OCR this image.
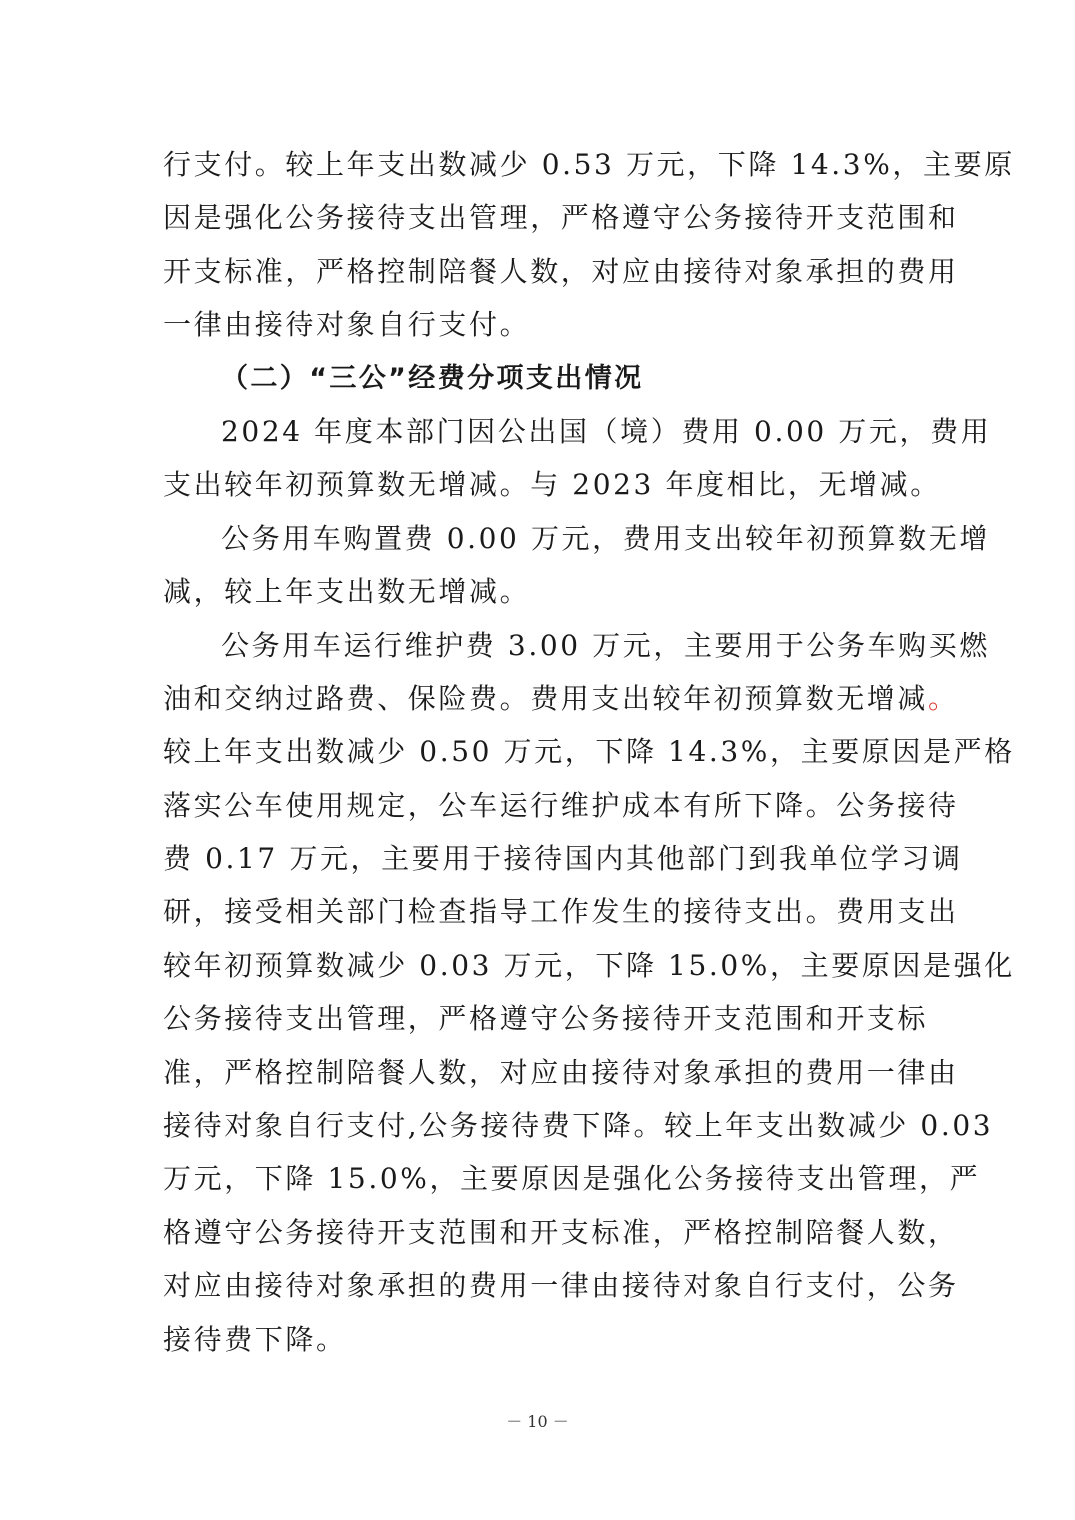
行支付。较上年支出数减少 0.53 万元，下降 14.3%，主要原
因是强化公务接待支出管理，严格遵守公务接待开支范围和
开支标准，严格控制陪餐人数，对应由接待对象承担的费用
一律由接待对象自行支付。
（二）“三公”经费分项支出情况
2024 年度本部门因公出国（境）费用 0.00 万元，费用
支出较年初预算数无增减。与 2023 年度相比，无增减。
公务用车购置费 0.00 万元，费用支出较年初预算数无增
减，较上年支出数无增减。
公务用车运行维护费 3.00 万元，主要用于公务车购买燃
油和交纳过路费、保险费。费用支出较年初预算数无增减。
较上年支出数减少 0.50 万元，下降 14.3%，主要原因是严格
落实公车使用规定，公车运行维护成本有所下降。公务接待
费 0.17 万元，主要用于接待国内其他部门到我单位学习调
研，接受相关部门检查指导工作发生的接待支出。费用支出
较年初预算数减少 0.03 万元，下降 15.0%，主要原因是强化
公务接待支出管理，严格遵守公务接待开支范围和开支标
准，严格控制陪餐人数，对应由接待对象承担的费用一律由
接待对象自行支付,公务接待费下降。较上年支出数减少 0.03
万元，下降 15.0%，主要原因是强化公务接待支出管理，严
格遵守公务接待开支范围和开支标准，严格控制陪餐人数，
对应由接待对象承担的费用一律由接待对象自行支付，公务
接待费下降。
－ 10 －
